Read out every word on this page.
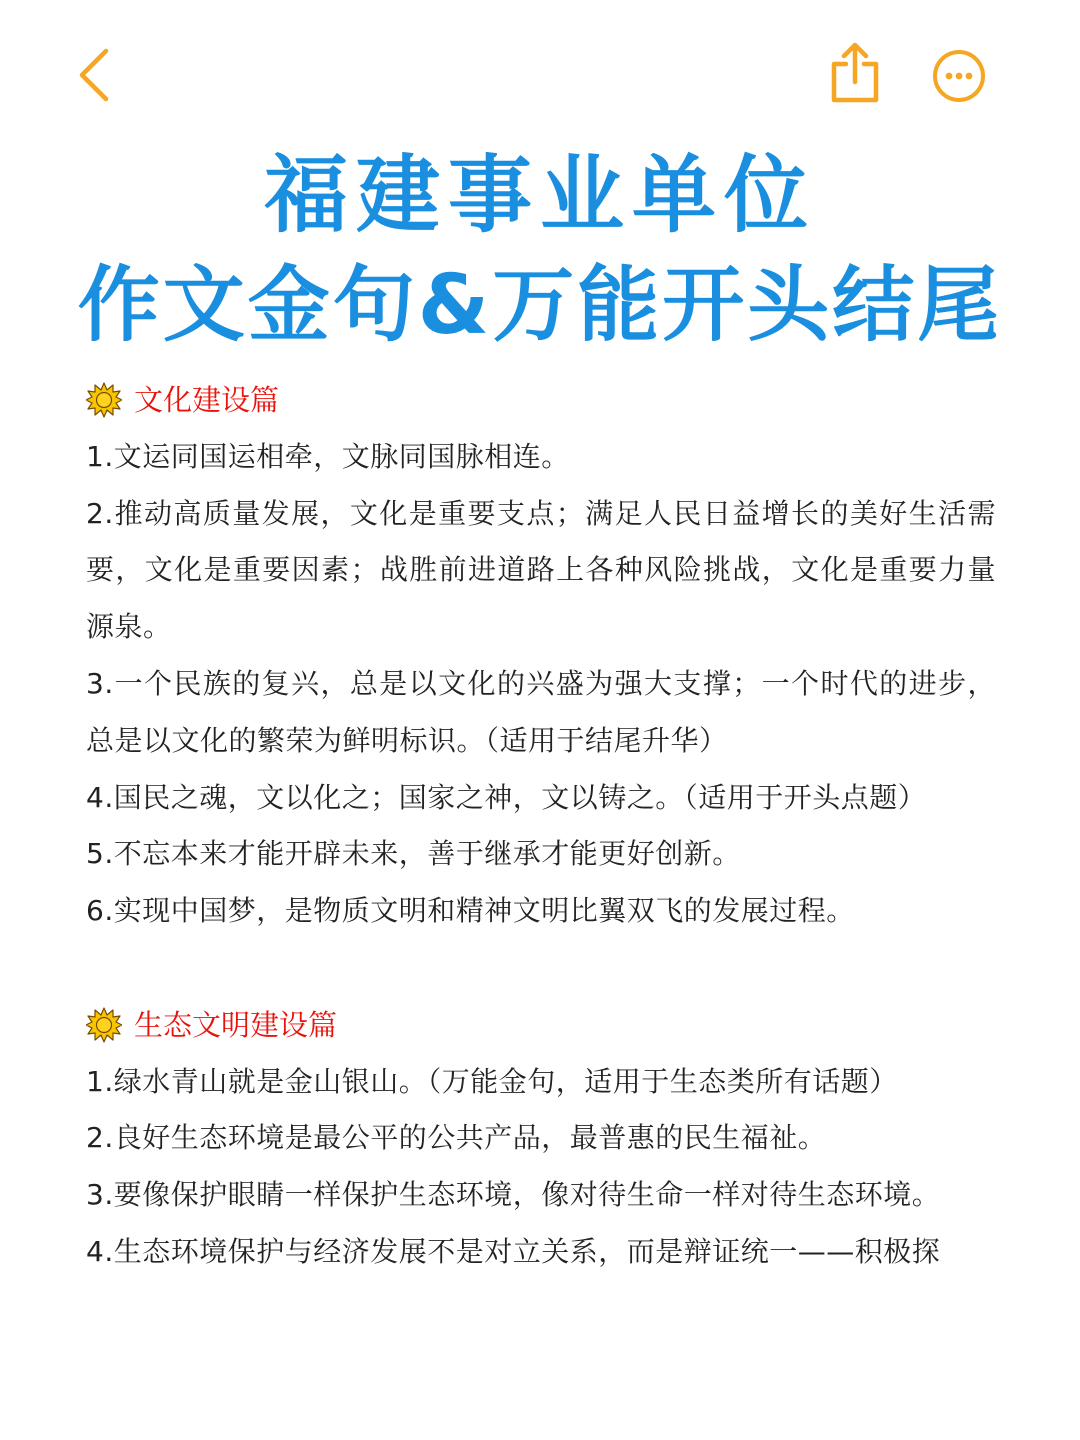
福建事业单位
作文金句&万能开头结尾
文化建设篇

1.文运同国运相牵，文脉同国脉相连。

2.推动高质量发展，文化是重要支点；满足人民日益增长的美好生活需要，文化是重要因素；战胜前进道路上各种风险挑战，文化是重要力量源泉。

3.一个民族的复兴，总是以文化的兴盛为强大支撑；一个时代的进步，总是以文化的繁荣为鲜明标识。（适用于结尾升华）

4.国民之魂，文以化之；国家之神，文以铸之。（适用于开头点题）

5.不忘本来才能开辟未来，善于继承才能更好创新。

6.实现中国梦，是物质文明和精神文明比翼双飞的发展过程。

生态文明建设篇

1.绿水青山就是金山银山。（万能金句，适用于生态类所有话题）

2.良好生态环境是最公平的公共产品，最普惠的民生福祉。

3.要像保护眼睛一样保护生态环境，像对待生命一样对待生态环境。

4.生态环境保护与经济发展不是对立关系，而是辩证统一——积极探
